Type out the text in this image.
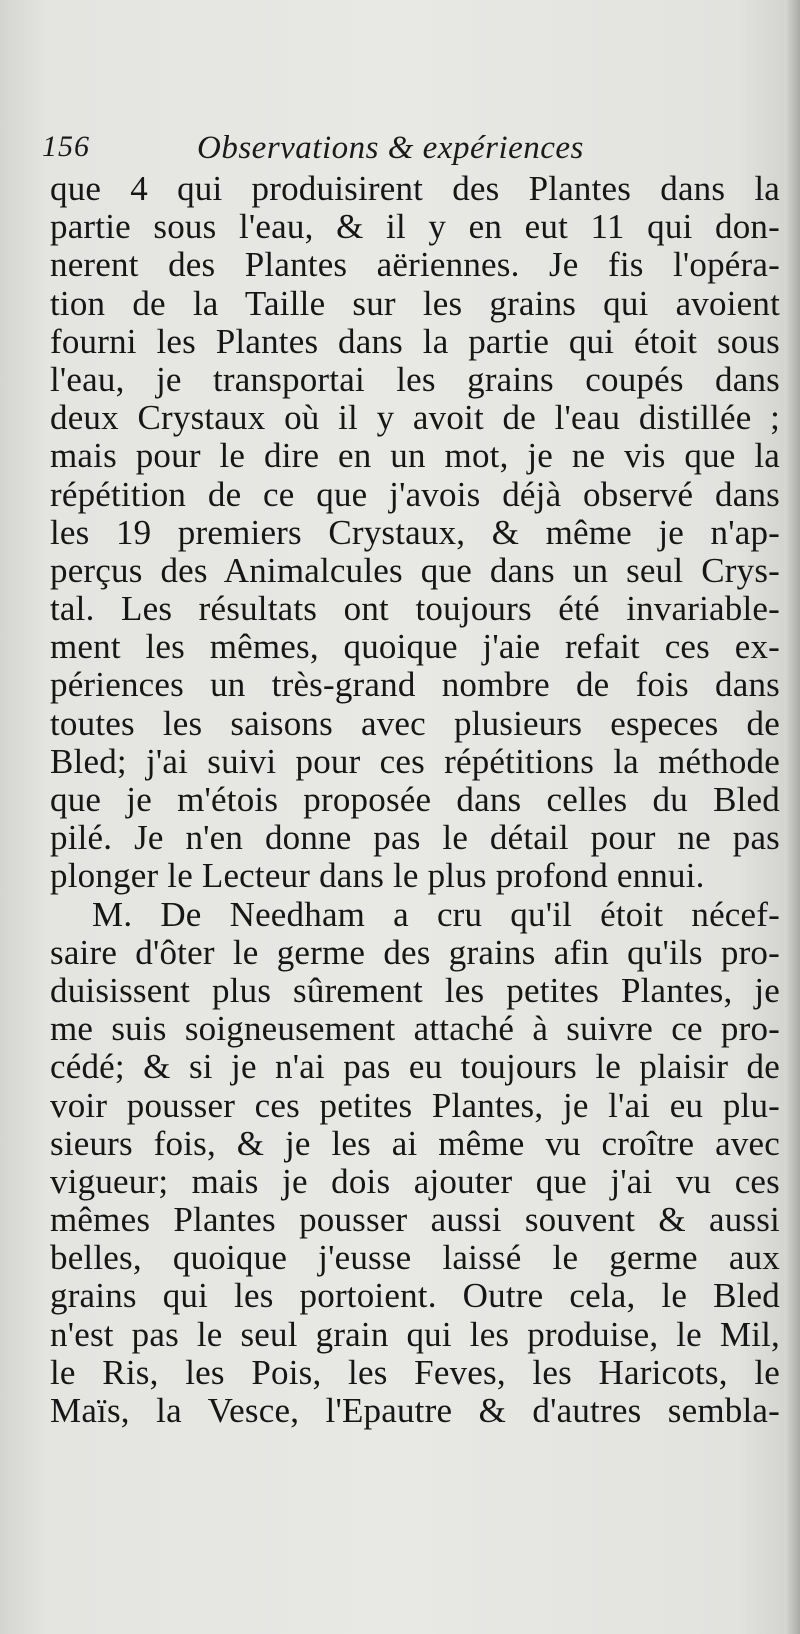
156	Observations & expériences
que 4 qui produisirent des Plantes dans la
partie sous l'eau, & il y en eut 11 qui don-
nerent des Plantes aëriennes. Je fis l'opéra-
tion de la Taille sur les grains qui avoient
fourni les Plantes dans la partie qui étoit sous
l'eau, je transportai les grains coupés dans
deux Crystaux où il y avoit de l'eau distillée ;
mais pour le dire en un mot, je ne vis que la
répétition de ce que j'avois déjà observé dans
les 19 premiers Crystaux, & même je n'ap-
perçus des Animalcules que dans un seul Crys-
tal. Les résultats ont toujours été invariable-
ment les mêmes, quoique j'aie refait ces ex-
périences un très-grand nombre de fois dans
toutes les saisons avec plusieurs especes de
Bled; j'ai suivi pour ces répétitions la méthode
que je m'étois proposée dans celles du Bled
pilé. Je n'en donne pas le détail pour ne pas
plonger le Lecteur dans le plus profond ennui.
M. De Needham a cru qu'il étoit nécef-
saire d'ôter le germe des grains afin qu'ils pro-
duisissent plus sûrement les petites Plantes, je
me suis soigneusement attaché à suivre ce pro-
cédé; & si je n'ai pas eu toujours le plaisir de
voir pousser ces petites Plantes, je l'ai eu plu-
sieurs fois, & je les ai même vu croître avec
vigueur; mais je dois ajouter que j'ai vu ces
mêmes Plantes pousser aussi souvent & aussi
belles, quoique j'eusse laissé le germe aux
grains qui les portoient. Outre cela, le Bled
n'est pas le seul grain qui les produise, le Mil,
le Ris, les Pois, les Feves, les Haricots, le
Maïs, la Vesce, l'Epautre & d'autres sembla-
